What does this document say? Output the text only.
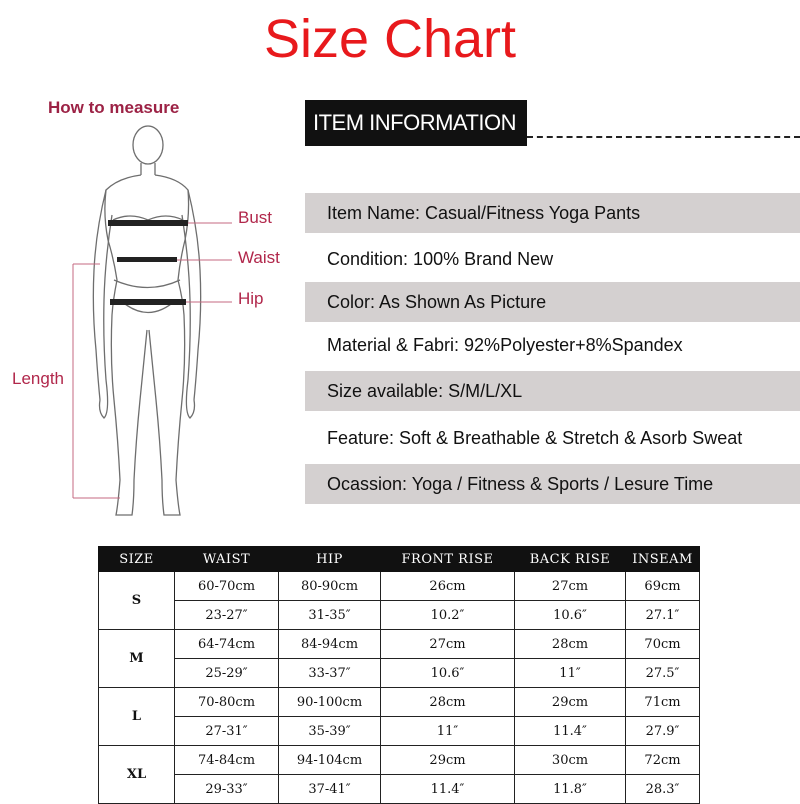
Size Chart
How to measure
Bust
Waist
Hip
Length
ITEM INFORMATION
Item Name: Casual/Fitness Yoga Pants
Condition: 100% Brand New
Color: As Shown As Picture
Material & Fabri: 92%Polyester+8%Spandex
Size available: S/M/L/XL
Feature: Soft & Breathable & Stretch & Asorb Sweat
Ocassion: Yoga / Fitness & Sports / Lesure Time
SIZE	WAIST	HIP	FRONT RISE	BACK RISE	INSEAM
S	60-70cm	80-90cm	26cm	27cm	69cm
	23-27″	31-35″	10.2″	10.6″	27.1″
M	64-74cm	84-94cm	27cm	28cm	70cm
	25-29″	33-37″	10.6″	11″	27.5″
L	70-80cm	90-100cm	28cm	29cm	71cm
	27-31″	35-39″	11″	11.4″	27.9″
XL	74-84cm	94-104cm	29cm	30cm	72cm
	29-33″	37-41″	11.4″	11.8″	28.3″
